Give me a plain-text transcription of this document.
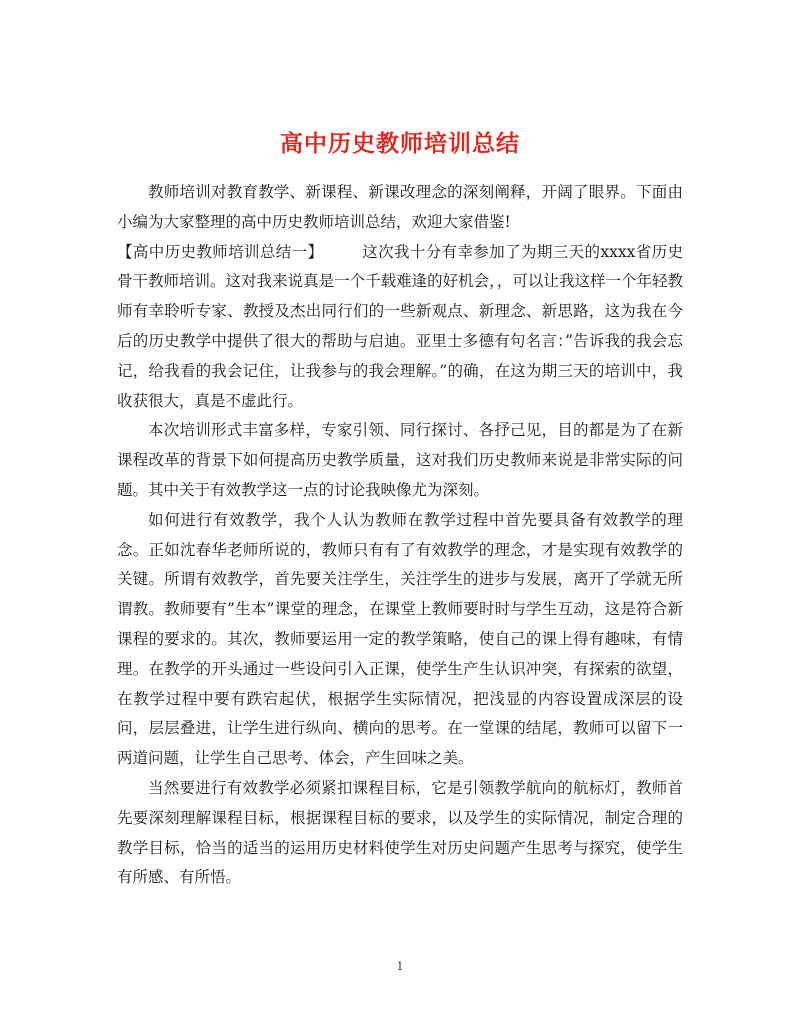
高中历史教师培训总结

教师培训对教育教学、新课程、新课改理念的深刻阐释，开阔了眼界。下面由小编为大家整理的高中历史教师培训总结，欢迎大家借鉴!

【高中历史教师培训总结一】	这次我十分有幸参加了为期三天的xxxx省历史骨干教师培训。这对我来说真是一个千载难逢的好机会，，可以让我这样一个年轻教师有幸聆听专家、教授及杰出同行们的一些新观点、新理念、新思路，这为我在今后的历史教学中提供了很大的帮助与启迪。亚里士多德有句名言：”告诉我的我会忘记，给我看的我会记住，让我参与的我会理解。”的确，在这为期三天的培训中，我收获很大，真是不虚此行。

本次培训形式丰富多样，专家引领、同行探讨、各抒己见，目的都是为了在新课程改革的背景下如何提高历史教学质量，这对我们历史教师来说是非常实际的问题。其中关于有效教学这一点的讨论我映像尤为深刻。

如何进行有效教学，我个人认为教师在教学过程中首先要具备有效教学的理念。正如沈春华老师所说的，教师只有有了有效教学的理念，才是实现有效教学的关键。所谓有效教学，首先要关注学生，关注学生的进步与发展，离开了学就无所谓教。教师要有”生本”课堂的理念，在课堂上教师要时时与学生互动，这是符合新课程的要求的。其次，教师要运用一定的教学策略，使自己的课上得有趣味，有情理。在教学的开头通过一些设问引入正课，使学生产生认识冲突，有探索的欲望，在教学过程中要有跌宕起伏，根据学生实际情况，把浅显的内容设置成深层的设问，层层叠进，让学生进行纵向、横向的思考。在一堂课的结尾，教师可以留下一两道问题，让学生自己思考、体会，产生回味之美。

当然要进行有效教学必须紧扣课程目标，它是引领教学航向的航标灯，教师首先要深刻理解课程目标，根据课程目标的要求，以及学生的实际情况，制定合理的教学目标，恰当的适当的运用历史材料使学生对历史问题产生思考与探究，使学生有所感、有所悟。

1
